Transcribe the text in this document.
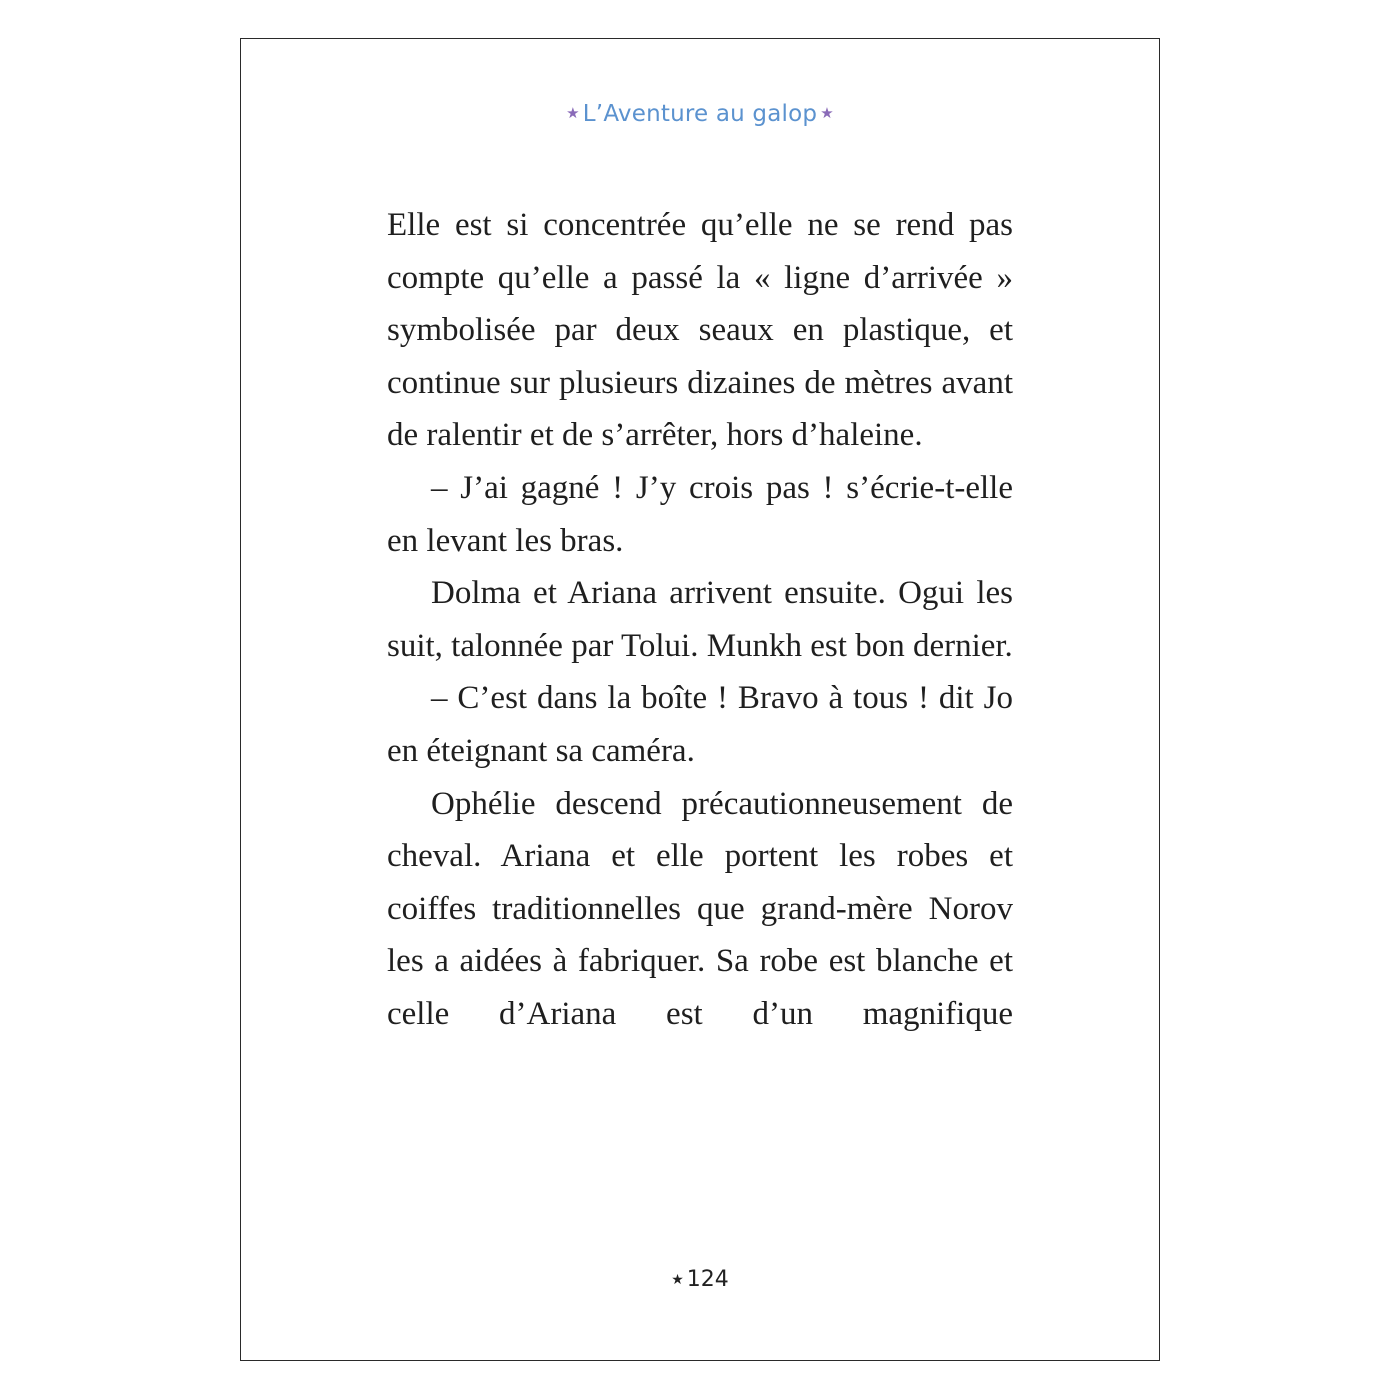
★ L’Aventure au galop ★

Elle est si concentrée qu’elle ne se rend pas compte qu’elle a passé la « ligne d’arrivée » symbolisée par deux seaux en plastique, et continue sur plusieurs dizaines de mètres avant de ralentir et de s’arrêter, hors d’haleine.

– J’ai gagné ! J’y crois pas ! s’écrie-t-elle en levant les bras.

Dolma et Ariana arrivent ensuite. Ogui les suit, talonnée par Tolui. Munkh est bon dernier.

– C’est dans la boîte ! Bravo à tous ! dit Jo en éteignant sa caméra.

Ophélie descend précautionneusement de cheval. Ariana et elle portent les robes et coiffes traditionnelles que grand-mère Norov les a aidées à fabriquer. Sa robe est blanche et celle d’Ariana est d’un magnifique

★ 124
